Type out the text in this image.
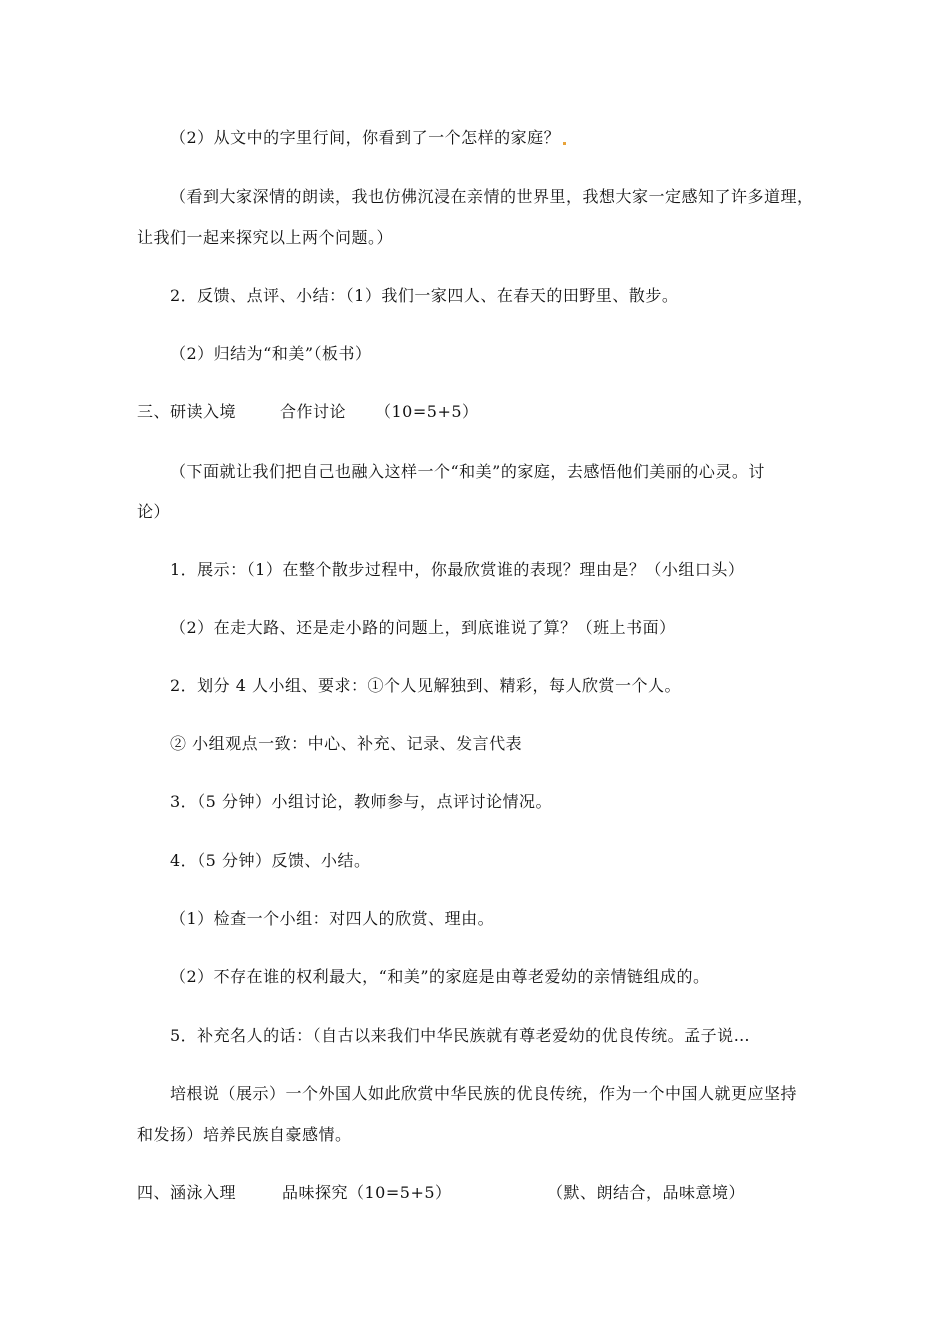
（2）从文中的字里行间，你看到了一个怎样的家庭？
（看到大家深情的朗读，我也仿佛沉浸在亲情的世界里，我想大家一定感知了许多道理，
让我们一起来探究以上两个问题。）
2．反馈、点评、小结：（1）我们一家四人、在春天的田野里、散步。
（2）归结为“和美”（板书）
三、研读入境	合作讨论 （10=5+5）
（下面就让我们把自己也融入这样一个“和美”的家庭，去感悟他们美丽的心灵。讨
论）
1．展示：（1）在整个散步过程中，你最欣赏谁的表现？理由是？（小组口头）
（2）在走大路、还是走小路的问题上，到底谁说了算？（班上书面）
2．划分 4 人小组、要求：①个人见解独到、精彩，每人欣赏一个人。
② 小组观点一致：中心、补充、记录、发言代表
3．（5 分钟）小组讨论，教师参与，点评讨论情况。
4．（5 分钟）反馈、小结。
（1）检查一个小组：对四人的欣赏、理由。
（2）不存在谁的权利最大，“和美”的家庭是由尊老爱幼的亲情链组成的。
5．补充名人的话：（自古以来我们中华民族就有尊老爱幼的优良传统。孟子说…
培根说（展示）一个外国人如此欣赏中华民族的优良传统，作为一个中国人就更应坚持
和发扬）培养民族自豪感情。
四、涵泳入理	品味探究（10=5+5）	（默、朗结合，品味意境）
